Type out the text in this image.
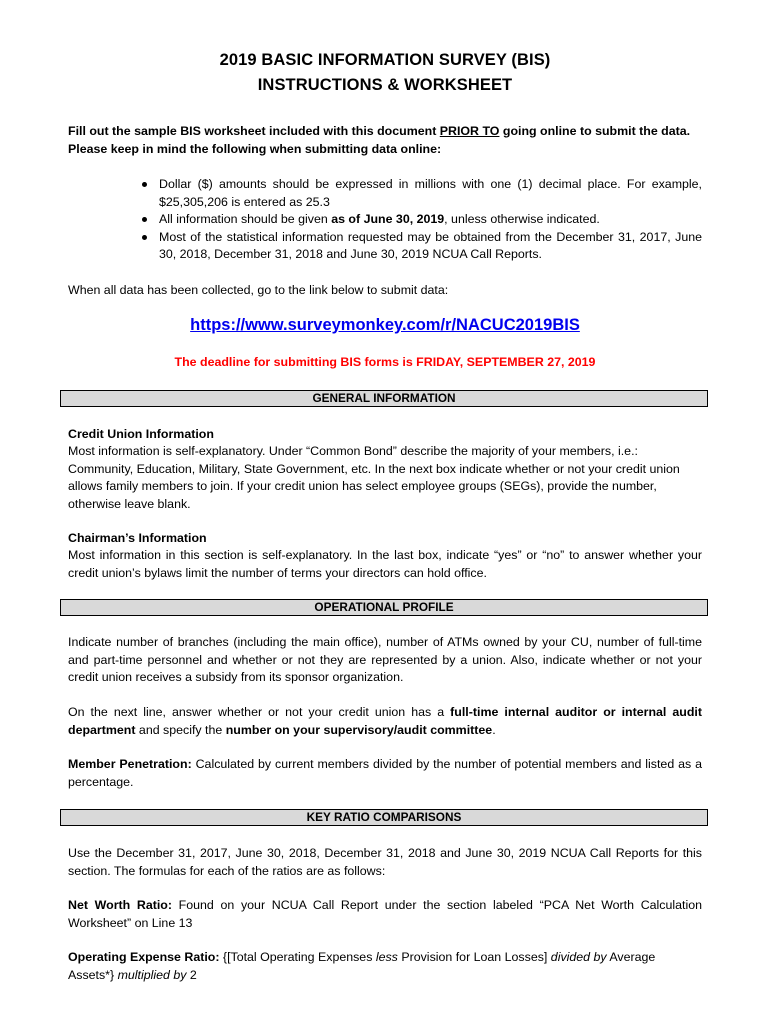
2019 BASIC INFORMATION SURVEY (BIS)
INSTRUCTIONS & WORKSHEET
Fill out the sample BIS worksheet included with this document PRIOR TO going online to submit the data. Please keep in mind the following when submitting data online:
Dollar ($) amounts should be expressed in millions with one (1) decimal place. For example, $25,305,206 is entered as 25.3
All information should be given as of June 30, 2019, unless otherwise indicated.
Most of the statistical information requested may be obtained from the December 31, 2017, June 30, 2018, December 31, 2018 and June 30, 2019 NCUA Call Reports.
When all data has been collected, go to the link below to submit data:
https://www.surveymonkey.com/r/NACUC2019BIS
The deadline for submitting BIS forms is FRIDAY, SEPTEMBER 27, 2019
GENERAL INFORMATION
Credit Union Information
Most information is self-explanatory. Under “Common Bond” describe the majority of your members, i.e.: Community, Education, Military, State Government, etc. In the next box indicate whether or not your credit union allows family members to join. If your credit union has select employee groups (SEGs), provide the number, otherwise leave blank.
Chairman’s Information
Most information in this section is self-explanatory. In the last box, indicate “yes” or “no” to answer whether your credit union’s bylaws limit the number of terms your directors can hold office.
OPERATIONAL PROFILE
Indicate number of branches (including the main office), number of ATMs owned by your CU, number of full-time and part-time personnel and whether or not they are represented by a union. Also, indicate whether or not your credit union receives a subsidy from its sponsor organization.
On the next line, answer whether or not your credit union has a full-time internal auditor or internal audit department and specify the number on your supervisory/audit committee.
Member Penetration: Calculated by current members divided by the number of potential members and listed as a percentage.
KEY RATIO COMPARISONS
Use the December 31, 2017, June 30, 2018, December 31, 2018 and June 30, 2019 NCUA Call Reports for this section. The formulas for each of the ratios are as follows:
Net Worth Ratio: Found on your NCUA Call Report under the section labeled “PCA Net Worth Calculation Worksheet” on Line 13
Operating Expense Ratio: {[Total Operating Expenses less Provision for Loan Losses] divided by Average Assets*} multiplied by 2
